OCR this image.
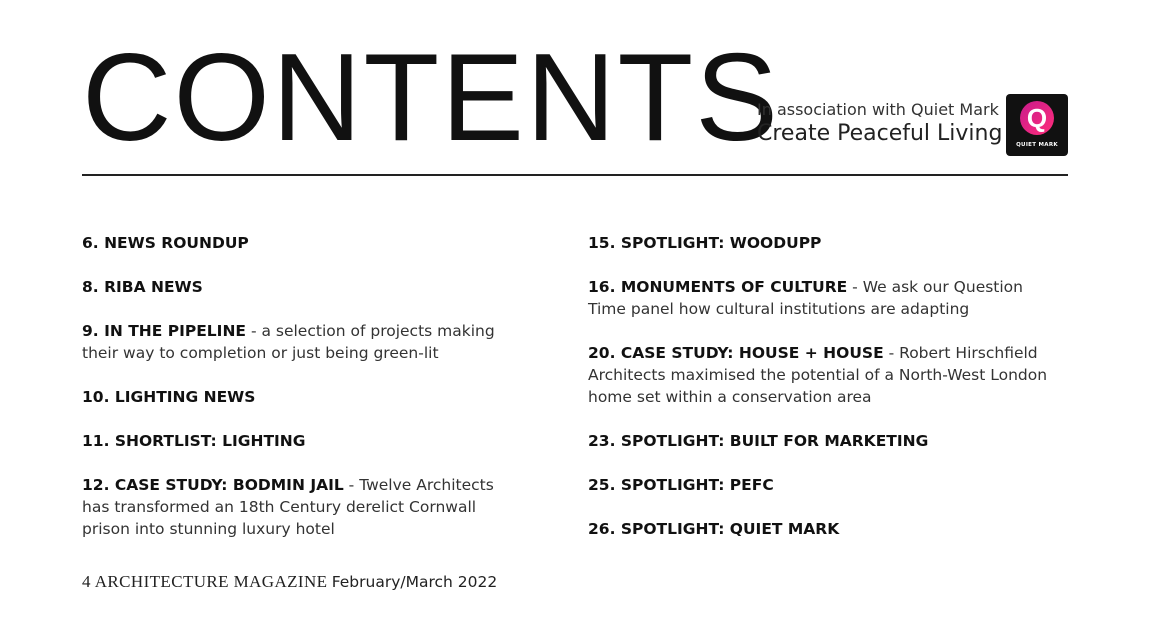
CONTENTS
In association with Quiet Mark
Create Peaceful Living
Q
QUIET MARK
6. NEWS ROUNDUP
8. RIBA NEWS
9. IN THE PIPELINE - a selection of projects making their way to completion or just being green-lit
10. LIGHTING NEWS
11. SHORTLIST: LIGHTING
12. CASE STUDY: BODMIN JAIL - Twelve Architects has transformed an 18th Century derelict Cornwall prison into stunning luxury hotel
15. SPOTLIGHT: WOODUPP
16. MONUMENTS OF CULTURE - We ask our Question Time panel how cultural institutions are adapting
20. CASE STUDY: HOUSE + HOUSE - Robert Hirschfield Architects maximised the potential of a North-West London home set within a conservation area
23. SPOTLIGHT: BUILT FOR MARKETING
25. SPOTLIGHT: PEFC
26. SPOTLIGHT: QUIET MARK
4 ARCHITECTURE MAGAZINE February/March 2022
